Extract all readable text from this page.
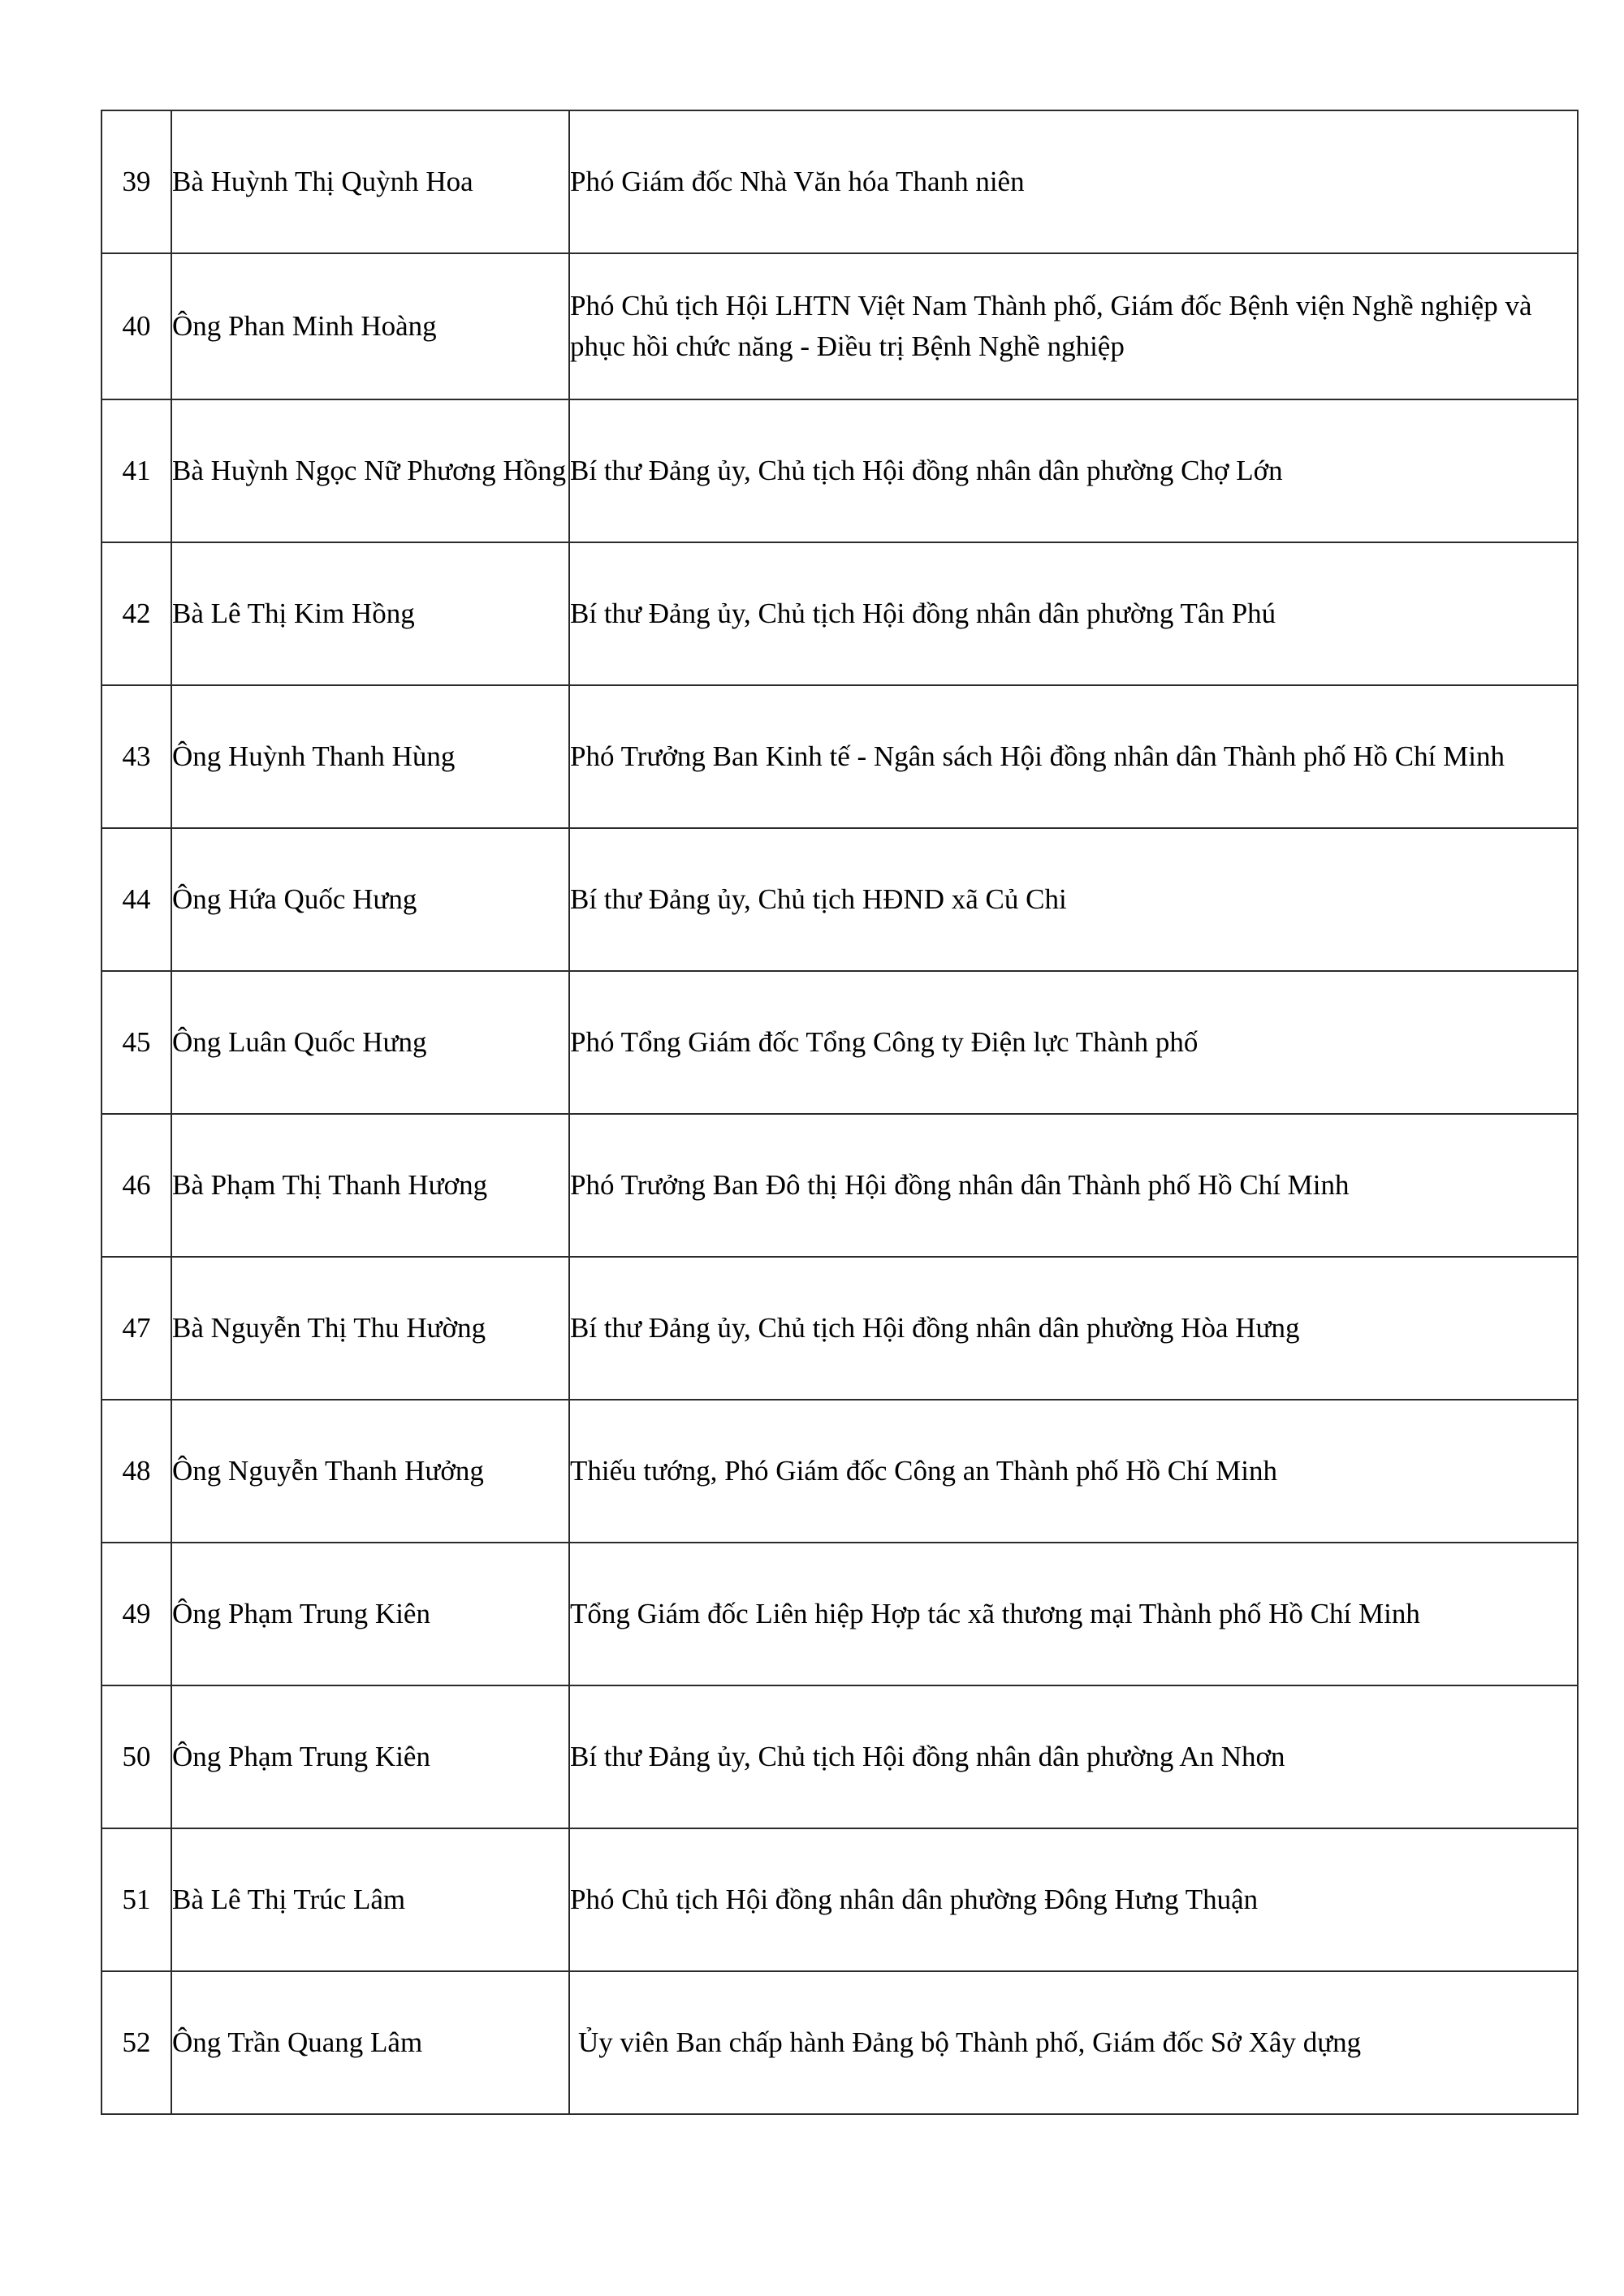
39	Bà Huỳnh Thị Quỳnh Hoa	Phó Giám đốc Nhà Văn hóa Thanh niên

40	Ông Phan Minh Hoàng	Phó Chủ tịch Hội LHTN Việt Nam Thành phố, Giám đốc Bệnh viện Nghề nghiệp và phục hồi chức năng - Điều trị Bệnh Nghề nghiệp

41	Bà Huỳnh Ngọc Nữ Phương Hồng	Bí thư Đảng ủy, Chủ tịch Hội đồng nhân dân phường Chợ Lớn

42	Bà Lê Thị Kim Hồng	Bí thư Đảng ủy, Chủ tịch Hội đồng nhân dân phường Tân Phú

43	Ông Huỳnh Thanh Hùng	Phó Trưởng Ban Kinh tế - Ngân sách Hội đồng nhân dân Thành phố Hồ Chí Minh

44	Ông Hứa Quốc Hưng	Bí thư Đảng ủy, Chủ tịch HĐND xã Củ Chi

45	Ông Luân Quốc Hưng	Phó Tổng Giám đốc Tổng Công ty Điện lực Thành phố

46	Bà Phạm Thị Thanh Hương	Phó Trưởng Ban Đô thị Hội đồng nhân dân Thành phố Hồ Chí Minh

47	Bà Nguyễn Thị Thu Hường	Bí thư Đảng ủy, Chủ tịch Hội đồng nhân dân phường Hòa Hưng

48	Ông Nguyễn Thanh Hưởng	Thiếu tướng, Phó Giám đốc Công an Thành phố Hồ Chí Minh

49	Ông Phạm Trung Kiên	Tổng Giám đốc Liên hiệp Hợp tác xã thương mại Thành phố Hồ Chí Minh

50	Ông Phạm Trung Kiên	Bí thư Đảng ủy, Chủ tịch Hội đồng nhân dân phường An Nhơn

51	Bà Lê Thị Trúc Lâm	Phó Chủ tịch Hội đồng nhân dân phường Đông Hưng Thuận

52	Ông Trần Quang Lâm	Ủy viên Ban chấp hành Đảng bộ Thành phố, Giám đốc Sở Xây dựng
